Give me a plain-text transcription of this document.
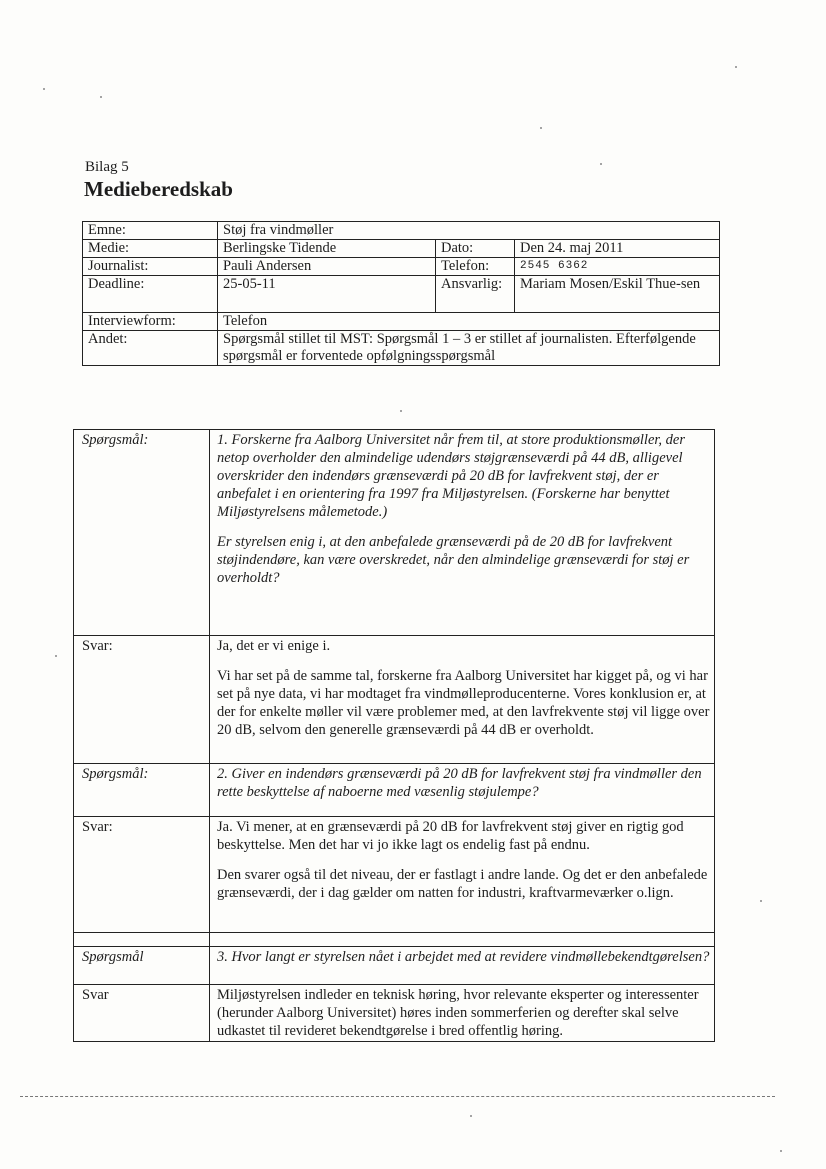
Bilag 5
Medieberedskab
Emne:	Støj fra vindmøller		
Medie:	Berlingske Tidende	Dato:	Den 24. maj 2011
Journalist:	Pauli Andersen	Telefon:	2545 6362
Deadline:	25-05-11	Ansvarlig:	Mariam Mosen/Eskil Thue-sen
Interviewform:	Telefon		
Andet:	Spørgsmål stillet til MST: Spørgsmål 1 – 3 er stillet af journalisten. Efterfølgende spørgsmål er forventede opfølgningsspørgsmål		
Spørgsmål:	1. Forskerne fra Aalborg Universitet når frem til, at store produktionsmøller, der netop overholder den almindelige udendørs støjgrænseværdi på 44 dB, alligevel overskrider den indendørs grænseværdi på 20 dB for lavfrekvent støj, der er anbefalet i en orientering fra 1997 fra Miljøstyrelsen. (Forskerne har benyttet Miljøstyrelsens målemetode.)

Er styrelsen enig i, at den anbefalede grænseværdi på de 20 dB for lavfrekvent støjindendøre, kan være overskredet, når den almindelige grænseværdi for støj er overholdt?

Svar:	Ja, det er vi enige i.

Vi har set på de samme tal, forskerne fra Aalborg Universitet har kigget på, og vi har set på nye data, vi har modtaget fra vindmølleproducenterne. Vores konklusion er, at der for enkelte møller vil være problemer med, at den lavfrekvente støj vil ligge over 20 dB, selvom den generelle grænseværdi på 44 dB er overholdt.

Spørgsmål:	2. Giver en indendørs grænseværdi på 20 dB for lavfrekvent støj fra vindmøller den rette beskyttelse af naboerne med væsenlig støjulempe?

Svar:	Ja. Vi mener, at en grænseværdi på 20 dB for lavfrekvent støj giver en rigtig god beskyttelse. Men det har vi jo ikke lagt os endelig fast på endnu.

Den svarer også til det niveau, der er fastlagt i andre lande. Og det er den anbefalede grænseværdi, der i dag gælder om natten for industri, kraftvarmeværker o.lign.

Spørgsmål	3. Hvor langt er styrelsen nået i arbejdet med at revidere vindmøllebekendtgørelsen?

Svar	Miljøstyrelsen indleder en teknisk høring, hvor relevante eksperter og interessenter (herunder Aalborg Universitet) høres inden sommerferien og derefter skal selve udkastet til revideret bekendtgørelse i bred offentlig høring.
